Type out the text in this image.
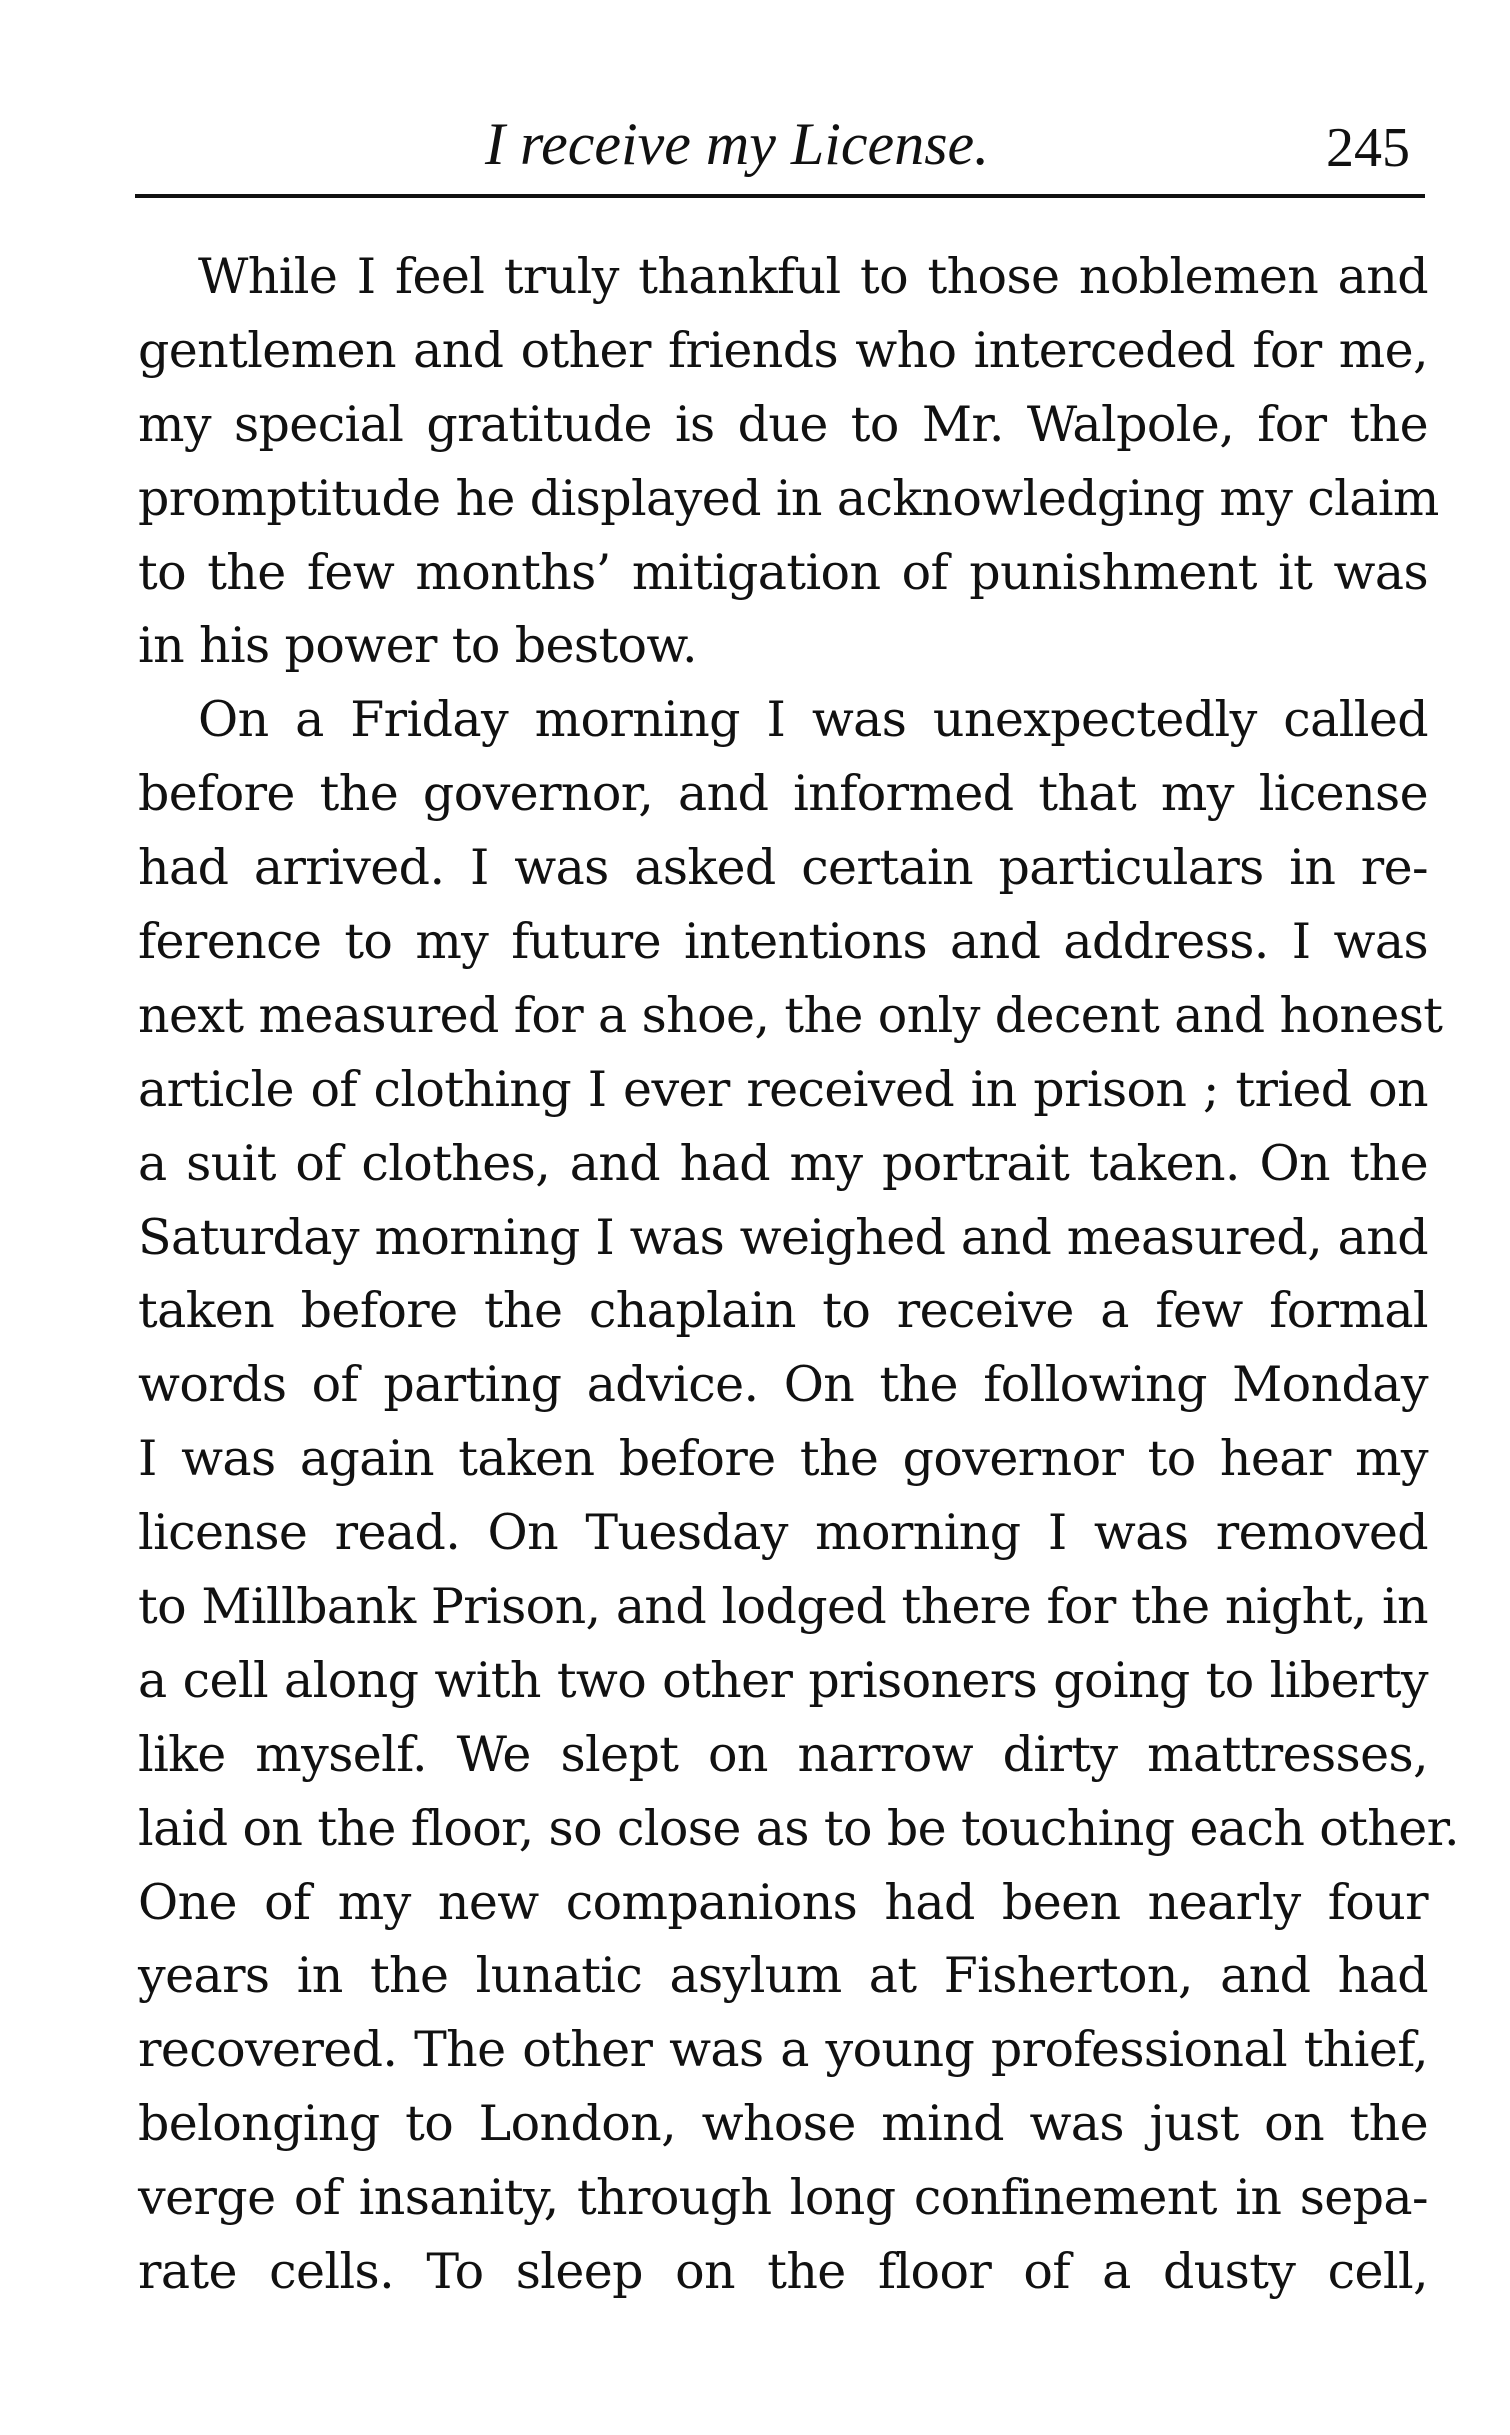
I receive my License.	245
While I feel truly thankful to those noblemen and
gentlemen and other friends who interceded for me,
my special gratitude is due to Mr. Walpole, for the
promptitude he displayed in acknowledging my claim
to the few months’ mitigation of punishment it was
in his power to bestow.
On a Friday morning I was unexpectedly called
before the governor, and informed that my license
had arrived. I was asked certain particulars in re-
ference to my future intentions and address. I was
next measured for a shoe, the only decent and honest
article of clothing I ever received in prison ; tried on
a suit of clothes, and had my portrait taken. On the
Saturday morning I was weighed and measured, and
taken before the chaplain to receive a few formal
words of parting advice. On the following Monday
I was again taken before the governor to hear my
license read. On Tuesday morning I was removed
to Millbank Prison, and lodged there for the night, in
a cell along with two other prisoners going to liberty
like myself. We slept on narrow dirty mattresses,
laid on the floor, so close as to be touching each other.
One of my new companions had been nearly four
years in the lunatic asylum at Fisherton, and had
recovered. The other was a young professional thief,
belonging to London, whose mind was just on the
verge of insanity, through long confinement in sepa-
rate cells. To sleep on the floor of a dusty cell,
